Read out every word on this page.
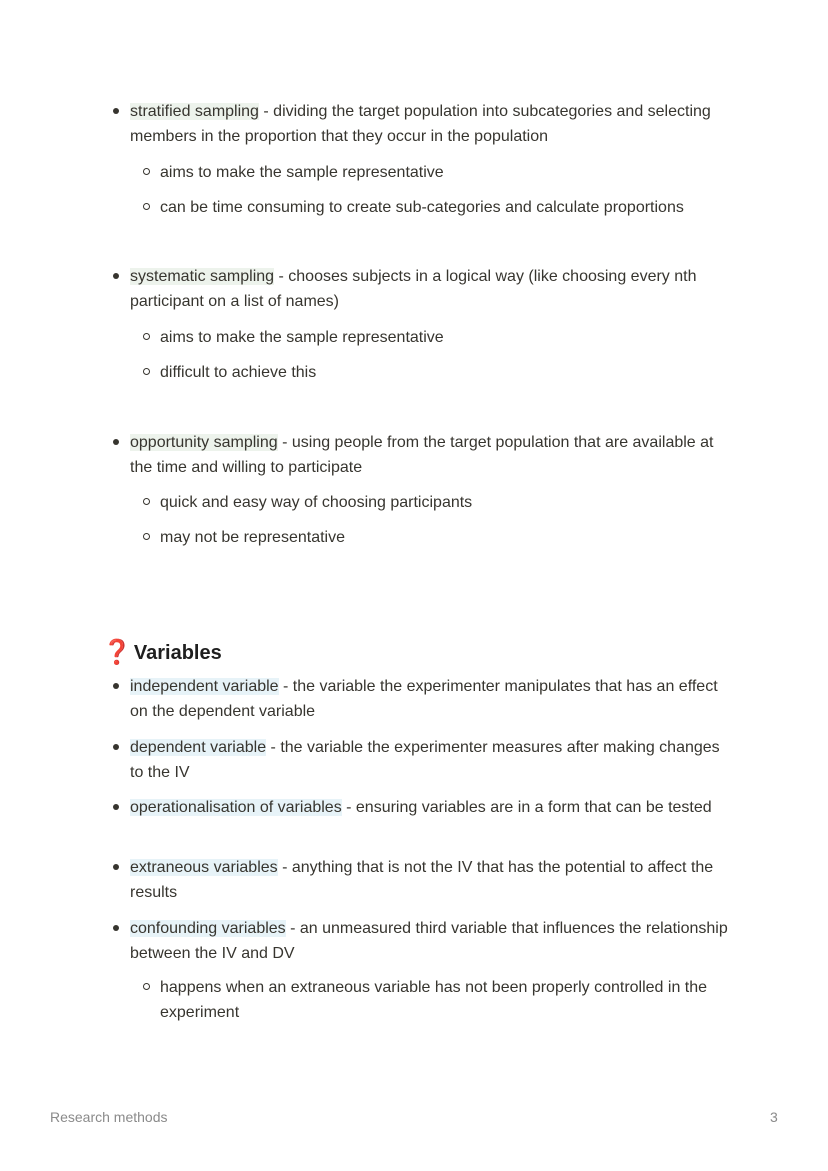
stratified sampling - dividing the target population into subcategories and selecting members in the proportion that they occur in the population
aims to make the sample representative
can be time consuming to create sub-categories and calculate proportions
systematic sampling - chooses subjects in a logical way (like choosing every nth participant on a list of names)
aims to make the sample representative
difficult to achieve this
opportunity sampling - using people from the target population that are available at the time and willing to participate
quick and easy way of choosing participants
may not be representative
❓ Variables
independent variable - the variable the experimenter manipulates that has an effect on the dependent variable
dependent variable - the variable the experimenter measures after making changes to the IV
operationalisation of variables - ensuring variables are in a form that can be tested
extraneous variables - anything that is not the IV that has the potential to affect the results
confounding variables - an unmeasured third variable that influences the relationship between the IV and DV
happens when an extraneous variable has not been properly controlled in the experiment
Research methods	3
